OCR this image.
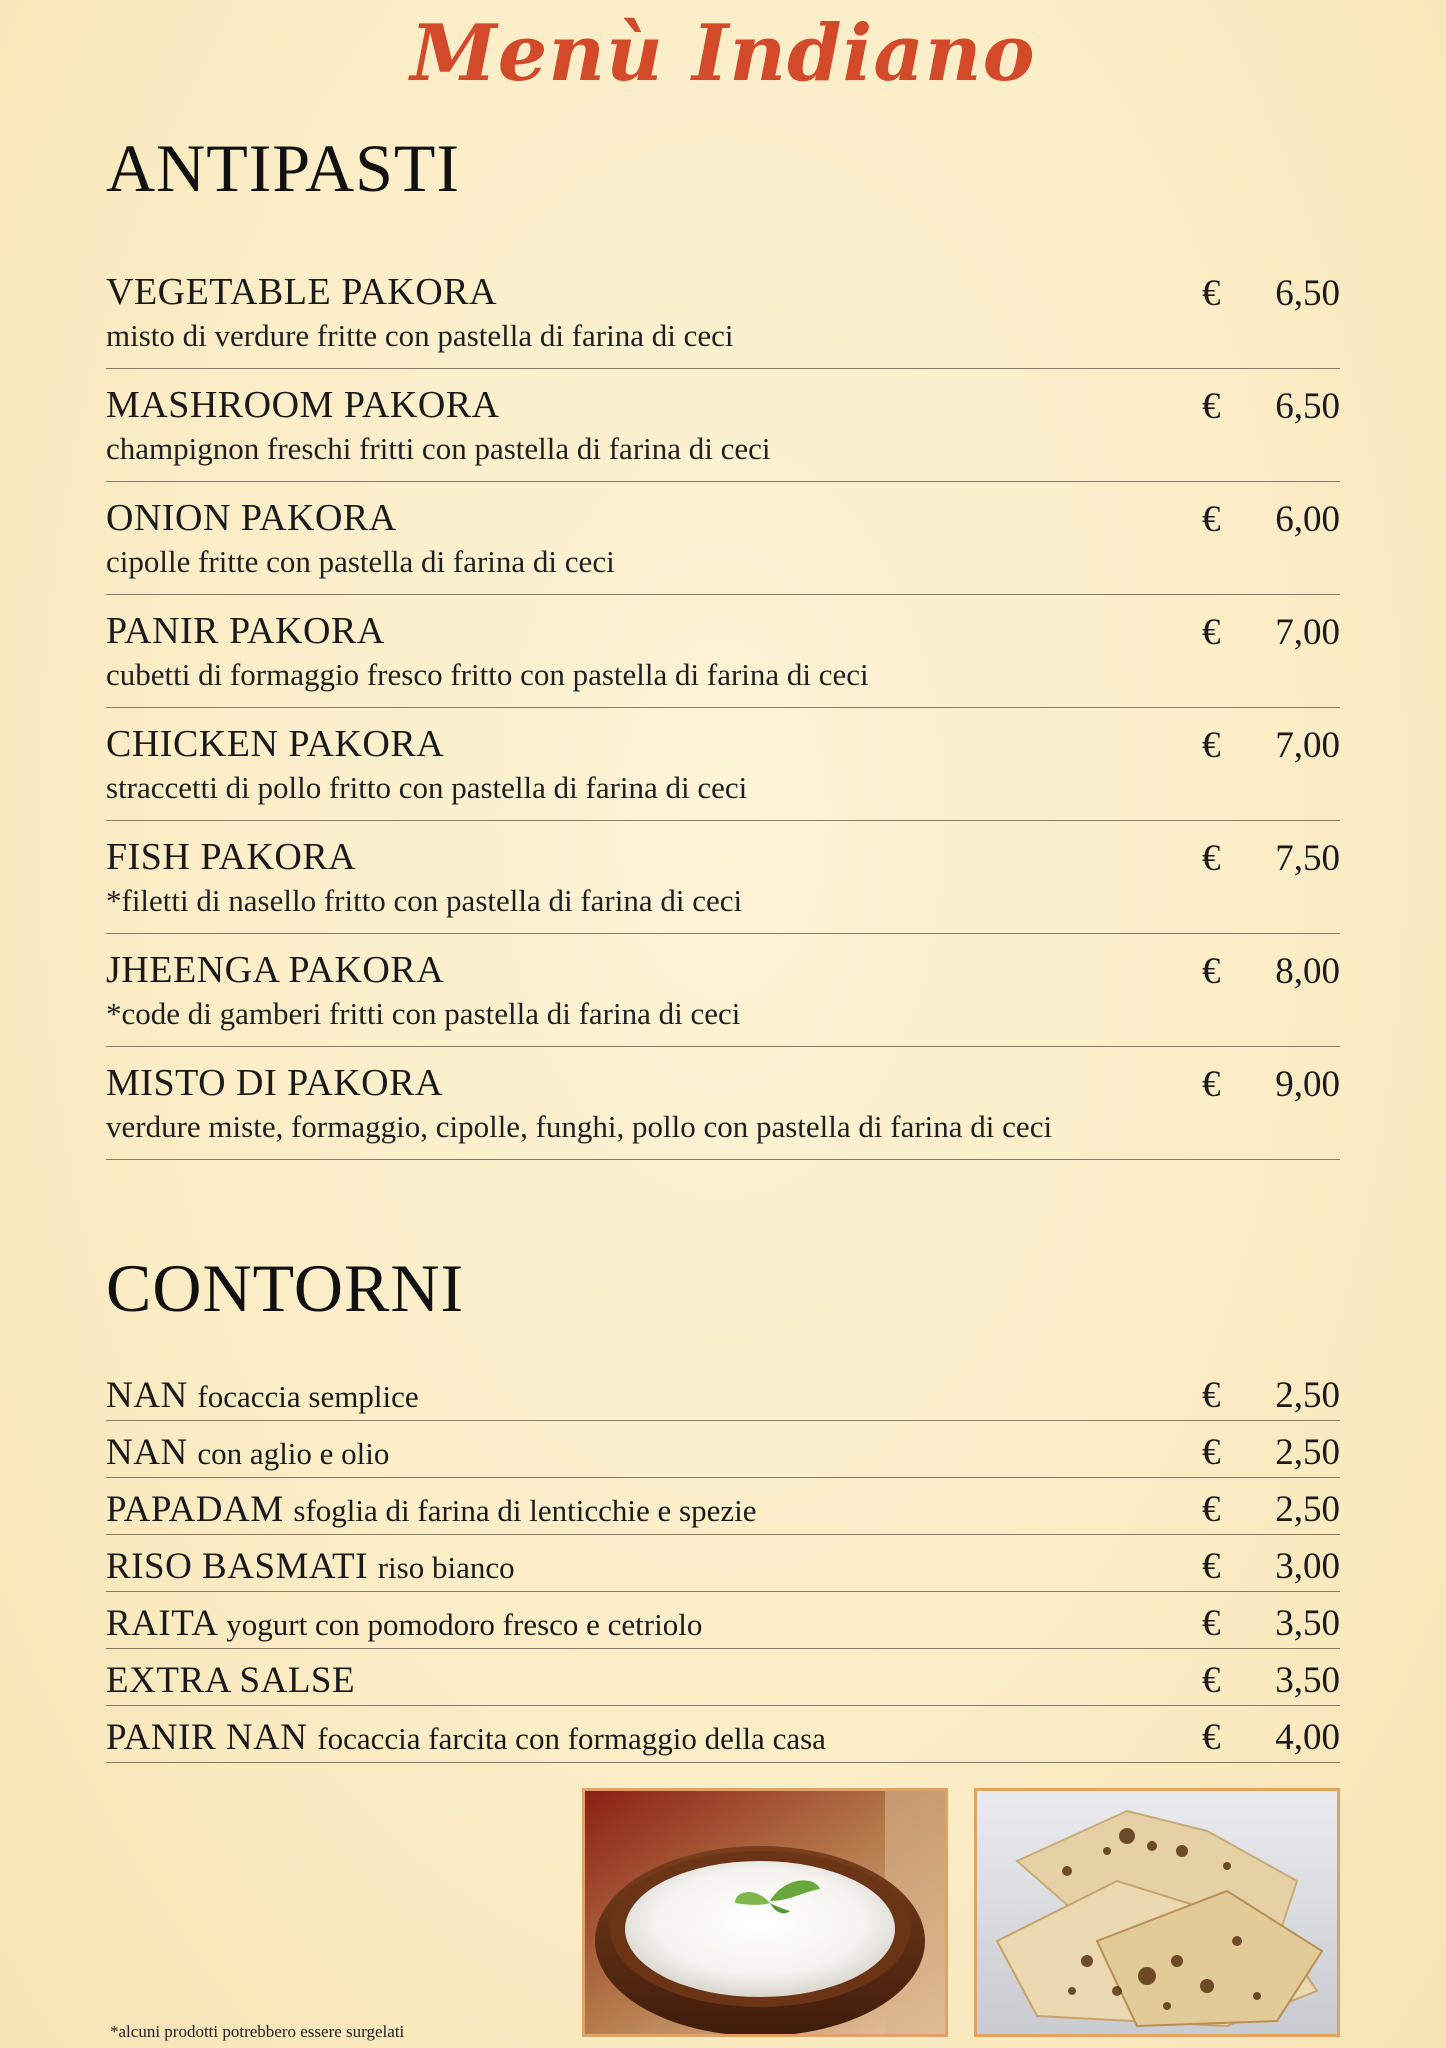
Menù Indiano
ANTIPASTI
VEGETABLE PAKORA
misto di verdure fritte con pastella di farina di ceci
€ 6,50
MASHROOM PAKORA
champignon freschi fritti con pastella di farina di ceci
€ 6,50
ONION PAKORA
cipolle fritte con pastella di farina di ceci
€ 6,00
PANIR PAKORA
cubetti di formaggio fresco fritto con pastella di farina di ceci
€ 7,00
CHICKEN PAKORA
straccetti di pollo fritto con pastella di farina di ceci
€ 7,00
FISH PAKORA
*filetti di nasello fritto con pastella di farina di ceci
€ 7,50
JHEENGA PAKORA
*code di gamberi fritti con pastella di farina di ceci
€ 8,00
MISTO DI PAKORA
verdure miste, formaggio, cipolle, funghi, pollo con pastella di farina di ceci
€ 9,00
CONTORNI
NAN focaccia semplice	€ 2,50
NAN con aglio e olio	€ 2,50
PAPADAM sfoglia di farina di lenticchie e spezie	€ 2,50
RISO BASMATI riso bianco	€ 3,00
RAITA yogurt con pomodoro fresco e cetriolo	€ 3,50
EXTRA SALSE	€ 3,50
PANIR NAN focaccia farcita con formaggio della casa	€ 4,00
*alcuni prodotti potrebbero essere surgelati
